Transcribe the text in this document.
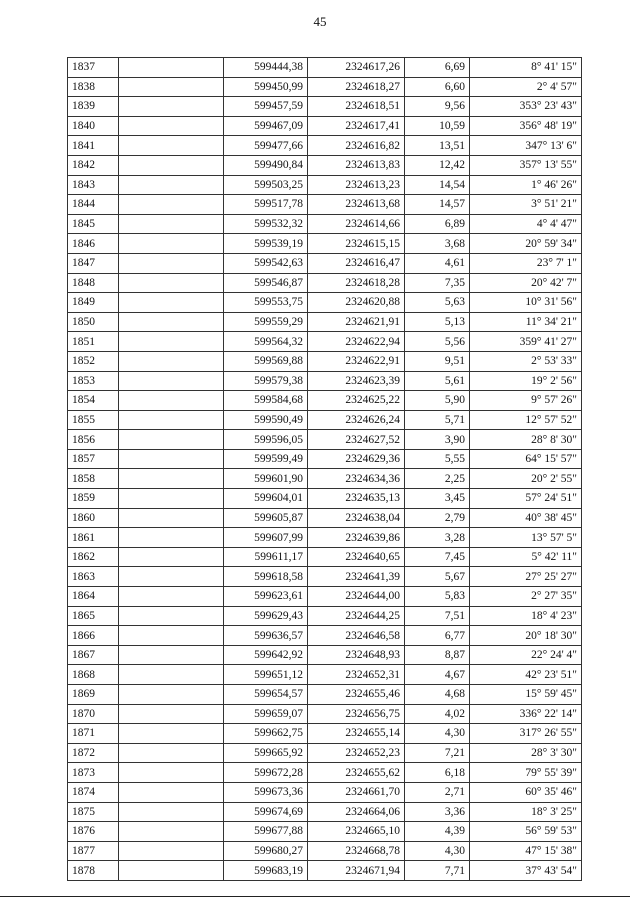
45
1837		599444,38	2324617,26	6,69	8° 41' 15"
1838		599450,99	2324618,27	6,60	2° 4' 57"
1839		599457,59	2324618,51	9,56	353° 23' 43"
1840		599467,09	2324617,41	10,59	356° 48' 19"
1841		599477,66	2324616,82	13,51	347° 13' 6"
1842		599490,84	2324613,83	12,42	357° 13' 55"
1843		599503,25	2324613,23	14,54	1° 46' 26"
1844		599517,78	2324613,68	14,57	3° 51' 21"
1845		599532,32	2324614,66	6,89	4° 4' 47"
1846		599539,19	2324615,15	3,68	20° 59' 34"
1847		599542,63	2324616,47	4,61	23° 7' 1"
1848		599546,87	2324618,28	7,35	20° 42' 7"
1849		599553,75	2324620,88	5,63	10° 31' 56"
1850		599559,29	2324621,91	5,13	11° 34' 21"
1851		599564,32	2324622,94	5,56	359° 41' 27"
1852		599569,88	2324622,91	9,51	2° 53' 33"
1853		599579,38	2324623,39	5,61	19° 2' 56"
1854		599584,68	2324625,22	5,90	9° 57' 26"
1855		599590,49	2324626,24	5,71	12° 57' 52"
1856		599596,05	2324627,52	3,90	28° 8' 30"
1857		599599,49	2324629,36	5,55	64° 15' 57"
1858		599601,90	2324634,36	2,25	20° 2' 55"
1859		599604,01	2324635,13	3,45	57° 24' 51"
1860		599605,87	2324638,04	2,79	40° 38' 45"
1861		599607,99	2324639,86	3,28	13° 57' 5"
1862		599611,17	2324640,65	7,45	5° 42' 11"
1863		599618,58	2324641,39	5,67	27° 25' 27"
1864		599623,61	2324644,00	5,83	2° 27' 35"
1865		599629,43	2324644,25	7,51	18° 4' 23"
1866		599636,57	2324646,58	6,77	20° 18' 30"
1867		599642,92	2324648,93	8,87	22° 24' 4"
1868		599651,12	2324652,31	4,67	42° 23' 51"
1869		599654,57	2324655,46	4,68	15° 59' 45"
1870		599659,07	2324656,75	4,02	336° 22' 14"
1871		599662,75	2324655,14	4,30	317° 26' 55"
1872		599665,92	2324652,23	7,21	28° 3' 30"
1873		599672,28	2324655,62	6,18	79° 55' 39"
1874		599673,36	2324661,70	2,71	60° 35' 46"
1875		599674,69	2324664,06	3,36	18° 3' 25"
1876		599677,88	2324665,10	4,39	56° 59' 53"
1877		599680,27	2324668,78	4,30	47° 15' 38"
1878		599683,19	2324671,94	7,71	37° 43' 54"
